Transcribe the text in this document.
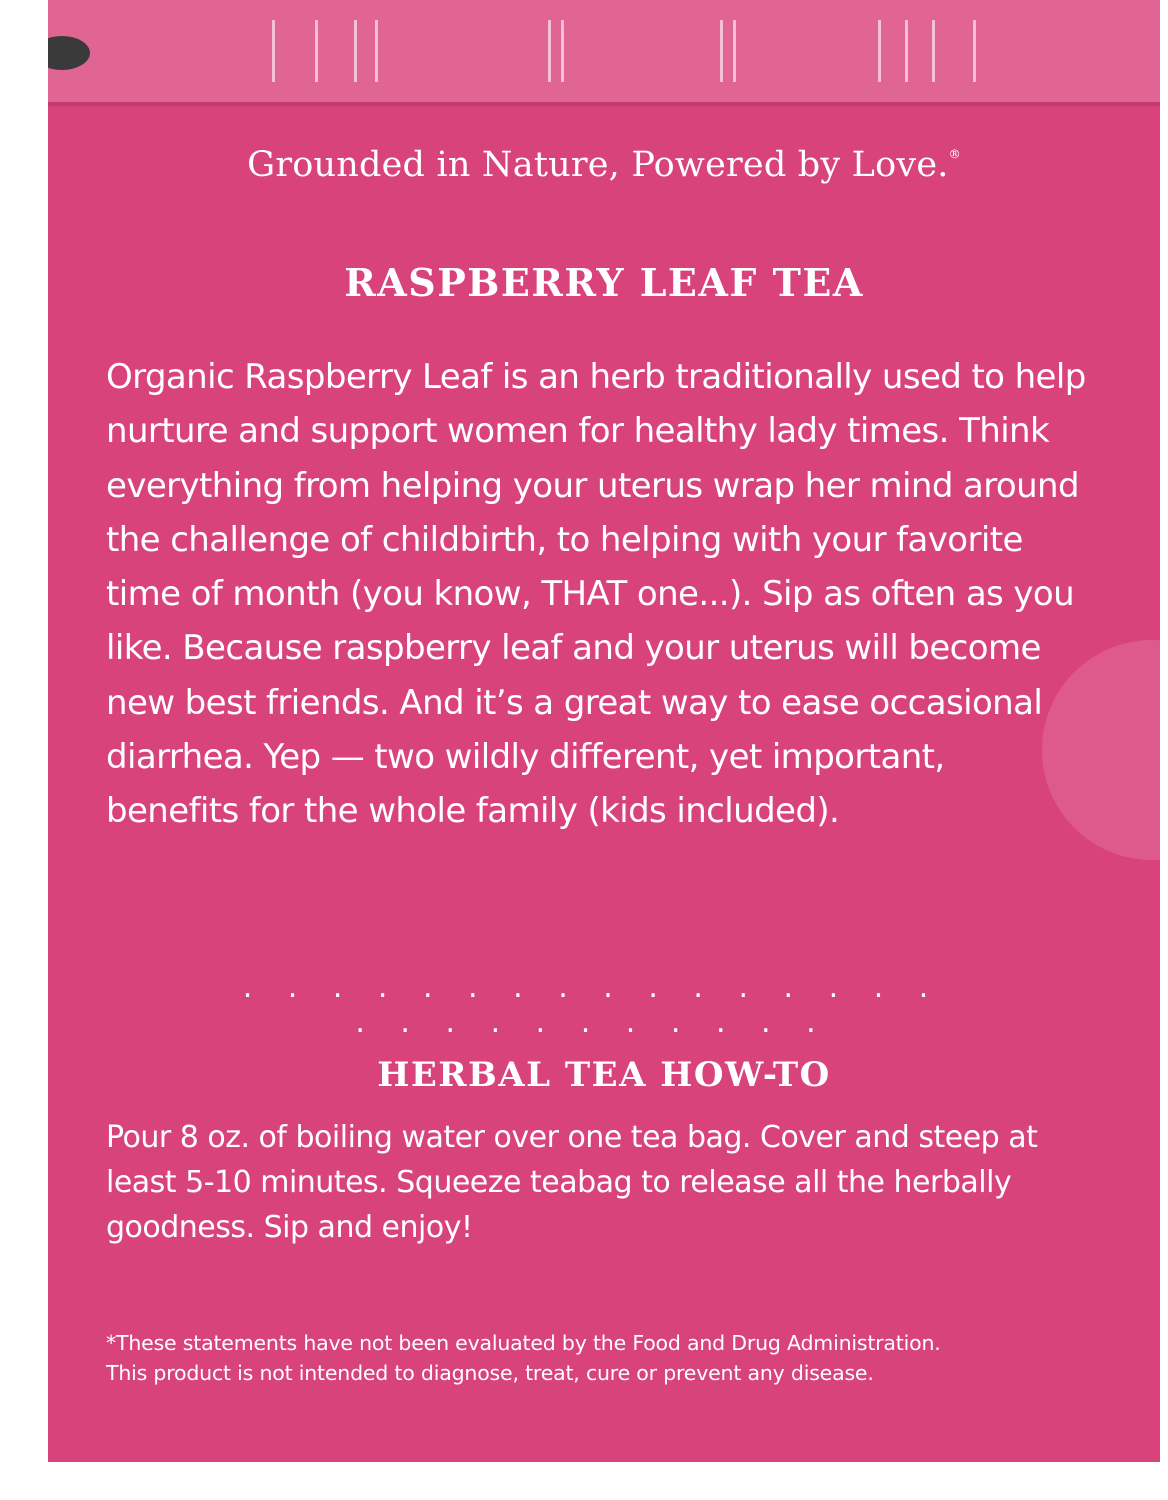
Grounded in Nature, Powered by Love.®
RASPBERRY LEAF TEA
Organic Raspberry Leaf is an herb traditionally used to help nurture and support women for healthy lady times. Think everything from helping your uterus wrap her mind around the challenge of childbirth, to helping with your favorite time of month (you know, THAT one...). Sip as often as you like. Because raspberry leaf and your uterus will become new best friends. And it’s a great way to ease occasional diarrhea. Yep — two wildly different, yet important, benefits for the whole family (kids included).
. . . . . . . . . . . . . . . . . . . . . . . . . . .
HERBAL TEA HOW-TO
Pour 8 oz. of boiling water over one tea bag. Cover and steep at least 5-10 minutes. Squeeze teabag to release all the herbally goodness. Sip and enjoy!
*These statements have not been evaluated by the Food and Drug Administration.
This product is not intended to diagnose, treat, cure or prevent any disease.
